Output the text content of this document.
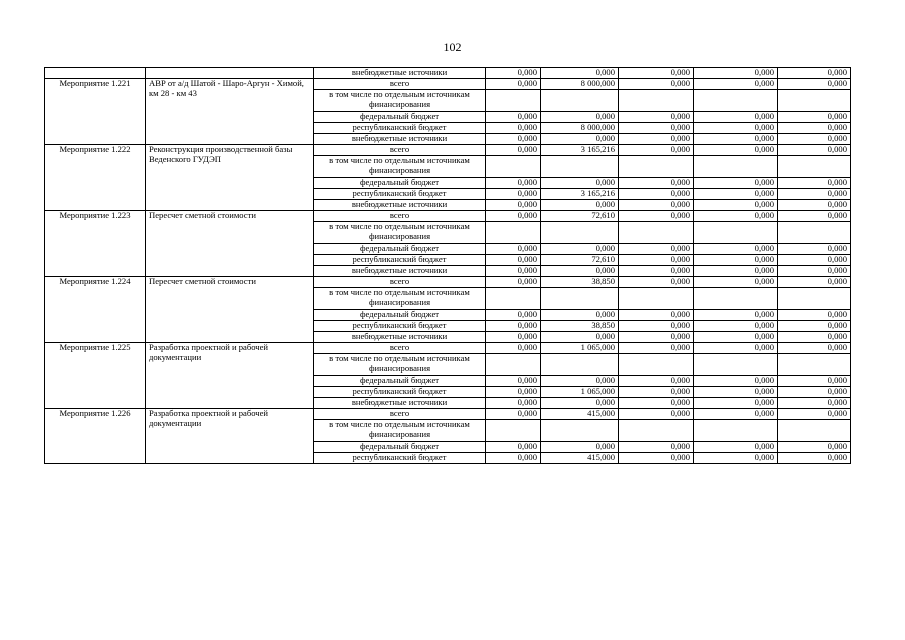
102
		внебюджетные источники	0,000	0,000	0,000	0,000	0,000
Мероприятие 1.221	АВР от а/д Шатой - Шаро-Аргун - Химой, км 28 - км 43	всего	0,000	8 000,000	0,000	0,000	0,000
		в том числе по отдельным источникам финансирования					
		федеральный бюджет	0,000	0,000	0,000	0,000	0,000
		республиканский бюджет	0,000	8 000,000	0,000	0,000	0,000
		внебюджетные источники	0,000	0,000	0,000	0,000	0,000
Мероприятие 1.222	Реконструкция производственной базы Веденского ГУДЭП	всего	0,000	3 165,216	0,000	0,000	0,000
		в том числе по отдельным источникам финансирования					
		федеральный бюджет	0,000	0,000	0,000	0,000	0,000
		республиканский бюджет	0,000	3 165,216	0,000	0,000	0,000
		внебюджетные источники	0,000	0,000	0,000	0,000	0,000
Мероприятие 1.223	Пересчет сметной стоимости	всего	0,000	72,610	0,000	0,000	0,000
		в том числе по отдельным источникам финансирования					
		федеральный бюджет	0,000	0,000	0,000	0,000	0,000
		республиканский бюджет	0,000	72,610	0,000	0,000	0,000
		внебюджетные источники	0,000	0,000	0,000	0,000	0,000
Мероприятие 1.224	Пересчет сметной стоимости	всего	0,000	38,850	0,000	0,000	0,000
		в том числе по отдельным источникам финансирования					
		федеральный бюджет	0,000	0,000	0,000	0,000	0,000
		республиканский бюджет	0,000	38,850	0,000	0,000	0,000
		внебюджетные источники	0,000	0,000	0,000	0,000	0,000
Мероприятие 1.225	Разработка проектной и рабочей документации	всего	0,000	1 065,000	0,000	0,000	0,000
		в том числе по отдельным источникам финансирования					
		федеральный бюджет	0,000	0,000	0,000	0,000	0,000
		республиканский бюджет	0,000	1 065,000	0,000	0,000	0,000
		внебюджетные источники	0,000	0,000	0,000	0,000	0,000
Мероприятие 1.226	Разработка проектной и рабочей документации	всего	0,000	415,000	0,000	0,000	0,000
		в том числе по отдельным источникам финансирования					
		федеральный бюджет	0,000	0,000	0,000	0,000	0,000
		республиканский бюджет	0,000	415,000	0,000	0,000	0,000
